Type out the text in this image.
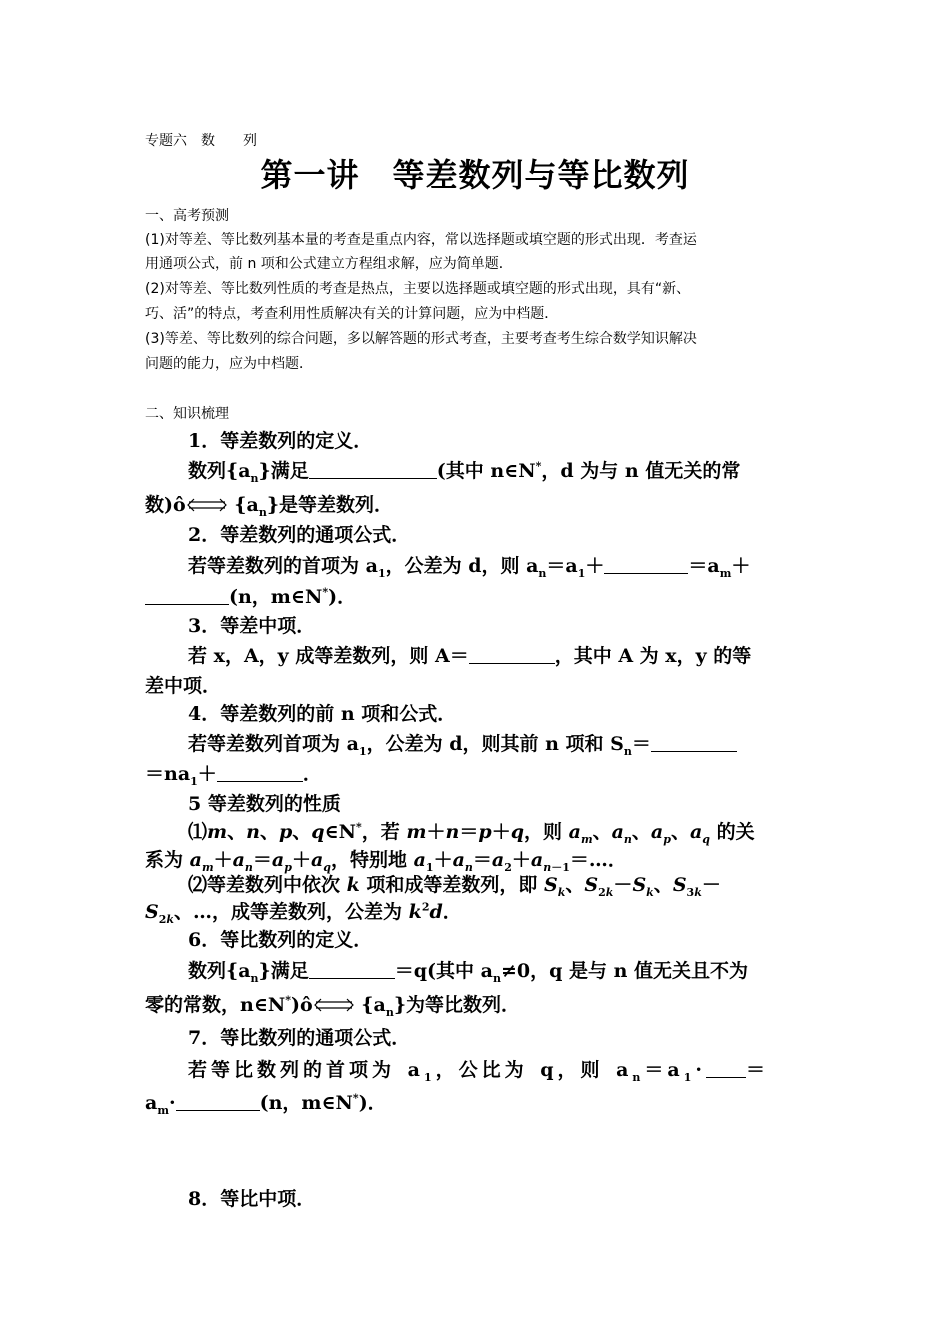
专题六　数　　列
第一讲　等差数列与等比数列
一、高考预测
(1)对等差、等比数列基本量的考查是重点内容，常以选择题或填空题的形式出现．考查运
用通项公式，前 n 项和公式建立方程组求解，应为简单题．
(2)对等差、等比数列性质的考查是热点，主要以选择题或填空题的形式出现，具有“新、
巧、活”的特点，考查利用性质解决有关的计算问题，应为中档题．
(3)等差、等比数列的综合问题，多以解答题的形式考查，主要考查考生综合数学知识解决
问题的能力，应为中档题．
二、知识梳理
1．等差数列的定义．
数列$\{a_n\}$满足	(其中 n∈N*，d 为与 n 值无关的常
数)ô $\{a_n\}$是等差数列．
2．等差数列的通项公式．
若等差数列的首项为 $a_1$，公差为 d，则 $a_n=a_1+$	$=a_m+$
(n，m∈N*)．
3．等差中项．
若 x，A，y 成等差数列，则 A＝	，其中 A 为 x，y 的等
差中项．
4．等差数列的前 n 项和公式．
若等差数列首项为 $a_1$，公差为 d，则其前 n 项和 $S_n=$
$=na_1+$	．
5 等差数列的性质
⑴m、n、p、q∈N*，若 m＋n＝p＋q，则 $a_m$、$a_n$、$a_p$、$a_q$ 的关
系为 $a_m+a_n=a_p+a_q$，特别地 $a_1+a_n=a_2+a_{n-1}=\dots$．
⑵等差数列中依次 k 项和成等差数列，即 $S_k$、$S_{2k}-S_k$、$S_{3k}-$
$S_{2k}$、…，成等差数列，公差为 $k^2d$．
6．等比数列的定义．
数列$\{a_n\}$满足	＝q(其中 $a_n\ne 0$，q 是与 n 值无关且不为
零的常数，n∈N*)ô $\{a_n\}$为等比数列．
7．等比数列的通项公式．
若等比数列的首项为 $a_1$，公比为 q，则 $a_n=a_1\cdot$ ＝
$a_m\cdot$	(n，m∈N*)．
8．等比中项．
